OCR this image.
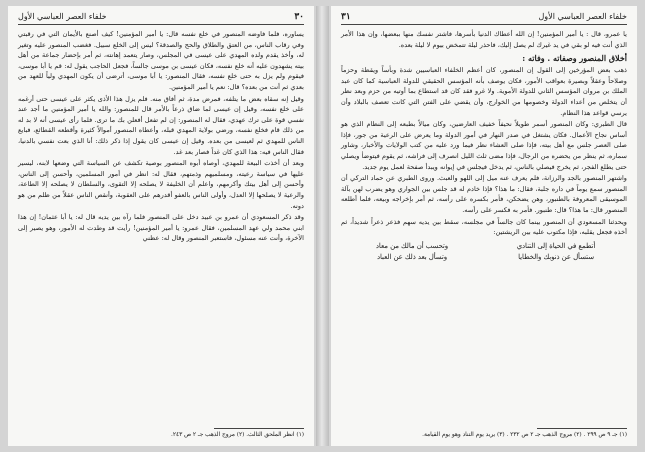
٣٠
خلفاء العصر العباسي الأول

يساوره، فلما فاوضه المنصور في خلع نفسه قال: يا أمير المؤمنين! كيف أصنع بالأيمان التي في رقبتي وفي رقاب الناس، من العتق والطلاق والحج والصدقة؟ ليس إلى الخلع سبيل. فغضب المنصور عليه وتغير له، وأخذ يقدم ولده المهدي على عيسى في المجلس، وصار يتعمد إهانته، ثم أمر بإحضار جماعة من أهل بيته يشهدون عليه أنه خلع نفسه، فكان عيسى بن موسى جالساً، فجعل الحاجب يقول له: قم يا أبا موسى، فيقوم ولم يزل به حتى خلع نفسه، فقال المنصور: يا أبا موسى، أترضى أن يكون المهدي ولياً للعهد من بعدي ثم أنت من بعده؟ قال: نعم يا أمير المؤمنين.

وقيل إنه سقاه بعض ما يتلفه، فمرض مدة، ثم أفاق منه. فلم يزل هذا الأذى يكثر على عيسى حتى أرغمه على خلع نفسه، وقيل إن عيسى لما ضاق ذرعاً بالأمر قال للمنصور: والله يا أمير المؤمنين ما أجد عند نفسي قوة على ترك عهدي، فقال له المنصور: إن لم تفعل أفعلن بك ما ترى. فلما رأى عيسى أنه لا بد له من ذلك قام فخلع نفسه، ورضي بولاية المهدي قبله، وأعطاه المنصور أموالاً كثيرة وأقطعه القطائع، فبايع الناس للمهدي ثم لعيسى من بعده. وقيل إن عيسى كان يقول إذا ذكر ذلك: أنا الذي بعت نفسي بالدنيا، فقال الناس فيه: هذا الذي كان غداً فصار بعد غد.

وبعد أن أخذت البيعة للمهدي، أوصاه أبوه المنصور بوصية تكشف عن السياسة التي وضعها لابنه، ليسير عليها في سياسة رعيته، ومسلميهم وذمتهم، فقال له: انظر في أمور المسلمين، وأحسن إلى الناس، وأحسن إلى أهل بيتك وأكرمهم، واعلم أن الخليفة لا يصلحه إلا التقوى، والسلطان لا يصلحه إلا الطاعة، والرعية لا يصلحها إلا العدل، وأولى الناس بالعفو أقدرهم على العقوبة، وأنقص الناس عقلاً من ظلم من هو دونه.

وقد ذكر المسعودي أن عمرو بن عبيد دخل على المنصور فلما رآه بين يديه قال له: يا أبا عثمان! إن هذا ابني محمد ولي عهد المسلمين، فقال عمرو: يا أمير المؤمنين! رأيت قد وطدت له الأمور، وهو يصير إلى الآخرة، وأنت عنه مسئول، فاستعبر المنصور وقال له: عظني

(١) انظر الملحق الثالث. (٢) مروج الذهب جـ ٢ ص ٢٤٣.
خلفاء العصر العباسي الأول
٣١

يا عمرو، قال : يا أمير المؤمنين! إن الله أعطاك الدنيا بأسرها، فاشتر نفسك منها ببعضها، وإن هذا الأمر الذي أنت فيه لو بقي في يد غيرك لم يصل إليك، فاحذر ليلة تتمخض بيوم لا ليلة بعده.

أخلاق المنصور وصفاته . وفاته :

ذهب بعض المؤرخين إلى القول إن المنصور، كان أعظم الخلفاء العباسيين شدة وبأساً ويقظة وحزماً وصلاحاً وعقلاً وبصيرة بعواقب الأمور، فكان يوصف بأنه المؤسس الحقيقي للدولة العباسية كما كان عبد الملك بن مروان المؤسس الثاني للدولة الأموية. ولا غرو فقد كان قد استطاع بما أوتيه من حزم وبعد نظر أن يتخلص من أعداء الدولة وخصومها من الخوارج، وأن يقضي على الفتن التي كانت تعصف بالبلاد وأن يرسي قواعد هذا النظام.

قال الطبري: وكان المنصور أسمر طويلاً نحيفاً خفيف العارضين، وكان ميالاً بطبعه إلى النظام الذي هو أساس نجاح الأعمال. فكان يشتغل في صدر النهار في أمور الدولة وما يعرض على الرعية من جور، فإذا صلى العصر جلس مع أهل بيته، فإذا صلى العشاء نظر فيما ورد عليه من كتب الولايات والأخبار، وشاور سماره، ثم ينظر من يحضره من الرجال، فإذا مضى ثلث الليل انصرف إلى فراشه، ثم يقوم فيتوضأ ويصلي حتى يطلع الفجر، ثم يخرج فيصلي بالناس، ثم يدخل فيجلس في إيوانه ويبدأ صفحة لعمل يوم جديد.

واشتهر المنصور بالجد والرزانة، فلم يعرف عنه ميل إلى اللهو والعبث. وروى الطبري عن حماد التركي أن المنصور سمع يوماً في داره جلبة، فقال: ما هذا؟ فإذا خادم له قد جلس بين الجواري وهو يضرب لهن بآلة الموسيقى المعروفة بالطنبور، وهن يضحكن، فأمر بكسره على رأسه، ثم أمر بإخراجه وبيعه، فلما أطلعه المنصور قال: ما هذا؟ قال: طنبور. فأمر به فكسر على رأسه.

ويحدثنا المسعودي أن المنصور بينما كان جالساً في مجلسه، سقط بين يديه سهم فذعر ذعراً شديداً، ثم أخذه فجعل يقلبه، فإذا مكتوب عليه بين الريشتين:

أتطمع في الحياة إلى التنادي
وتحسب أن مالك من معاد
ستسأل عن ذنوبك والخطايا
وتسأل بعد ذلك عن العباد
(١) جـ ٩ ص ٢٩٩ . (٢) مروج الذهب جـ ٢ ص ٢٣٢ . (٣) يريد يوم التناد وهو يوم القيامة.
